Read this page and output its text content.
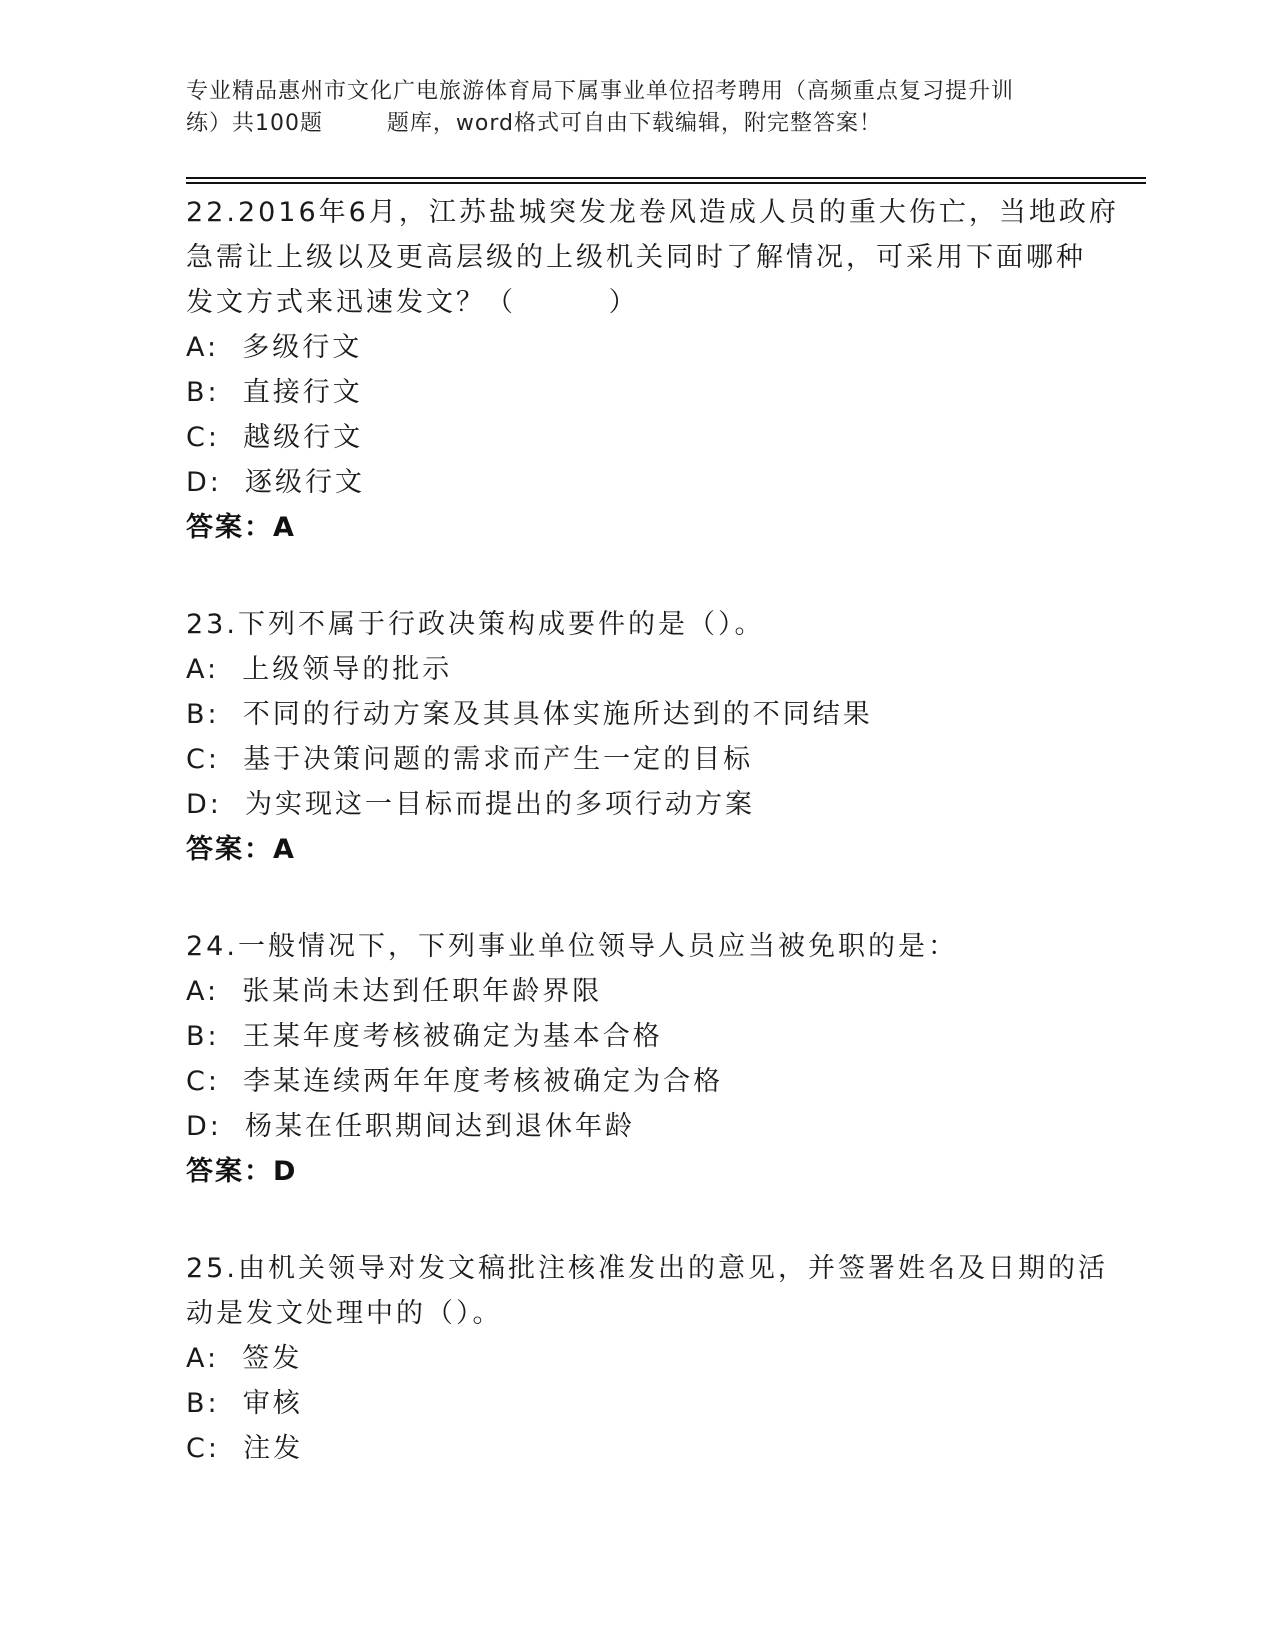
专业精品惠州市文化广电旅游体育局下属事业单位招考聘用（高频重点复习提升训
练）共100题        题库，word格式可自由下载编辑，附完整答案！
22.2016年6月，江苏盐城突发龙卷风造成人员的重大伤亡，当地政府
急需让上级以及更高层级的上级机关同时了解情况，可采用下面哪种
发文方式来迅速发文？（        ）
A:  多级行文
B:  直接行文
C:  越级行文
D:  逐级行文
答案：A
23.下列不属于行政决策构成要件的是（）。
A:  上级领导的批示
B:  不同的行动方案及其具体实施所达到的不同结果
C:  基于决策问题的需求而产生一定的目标
D:  为实现这一目标而提出的多项行动方案
答案：A
24.一般情况下，下列事业单位领导人员应当被免职的是：
A:  张某尚未达到任职年龄界限
B:  王某年度考核被确定为基本合格
C:  李某连续两年年度考核被确定为合格
D:  杨某在任职期间达到退休年龄
答案：D
25.由机关领导对发文稿批注核准发出的意见，并签署姓名及日期的活
动是发文处理中的（）。
A:  签发
B:  审核
C:  注发
